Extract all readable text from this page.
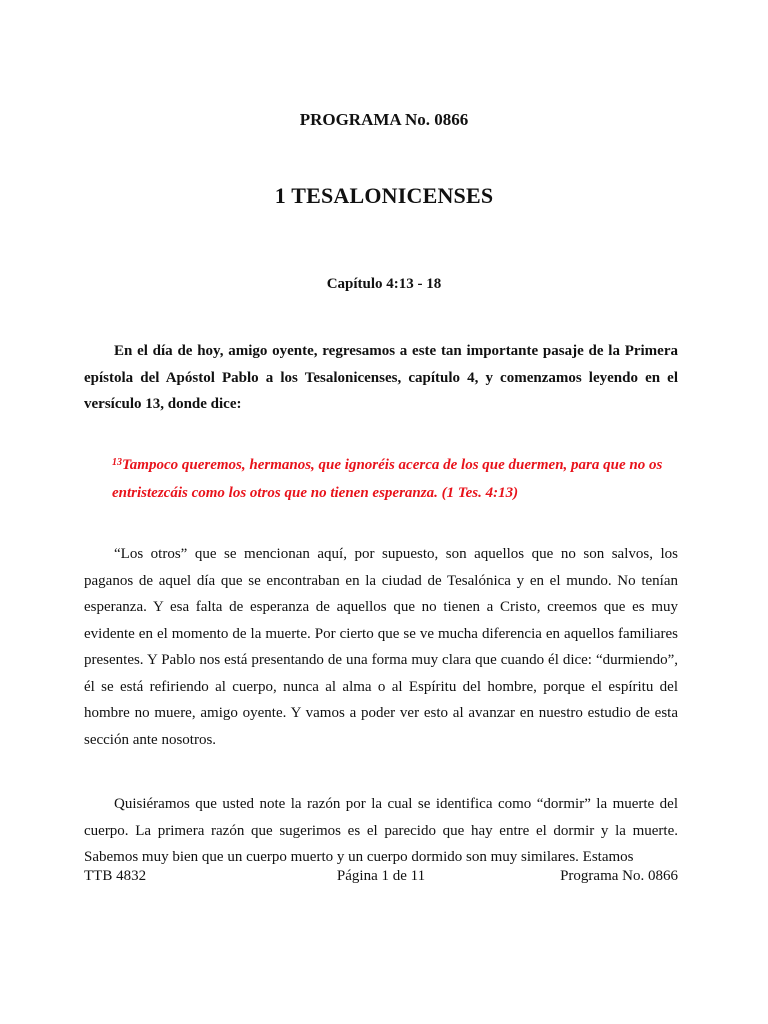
PROGRAMA No. 0866
1 TESALONICENSES
Capítulo 4:13 - 18

En el día de hoy, amigo oyente, regresamos a este tan importante pasaje de la Primera epístola del Apóstol Pablo a los Tesalonicenses, capítulo 4, y comenzamos leyendo en el versículo 13, donde dice:

$^{13}$Tampoco queremos, hermanos, que ignoréis acerca de los que duermen, para que no os entristezcáis como los otros que no tienen esperanza. (1 Tes. 4:13)

“Los otros” que se mencionan aquí, por supuesto, son aquellos que no son salvos, los paganos de aquel día que se encontraban en la ciudad de Tesalónica y en el mundo. No tenían esperanza. Y esa falta de esperanza de aquellos que no tienen a Cristo, creemos que es muy evidente en el momento de la muerte. Por cierto que se ve mucha diferencia en aquellos familiares presentes. Y Pablo nos está presentando de una forma muy clara que cuando él dice: “durmiendo”, él se está refiriendo al cuerpo, nunca al alma o al Espíritu del hombre, porque el espíritu del hombre no muere, amigo oyente. Y vamos a poder ver esto al avanzar en nuestro estudio de esta sección ante nosotros.

Quisiéramos que usted note la razón por la cual se identifica como “dormir” la muerte del cuerpo. La primera razón que sugerimos es el parecido que hay entre el dormir y la muerte. Sabemos muy bien que un cuerpo muerto y un cuerpo dormido son muy similares. Estamos

TTB 4832	Página 1 de 11	Programa No. 0866
